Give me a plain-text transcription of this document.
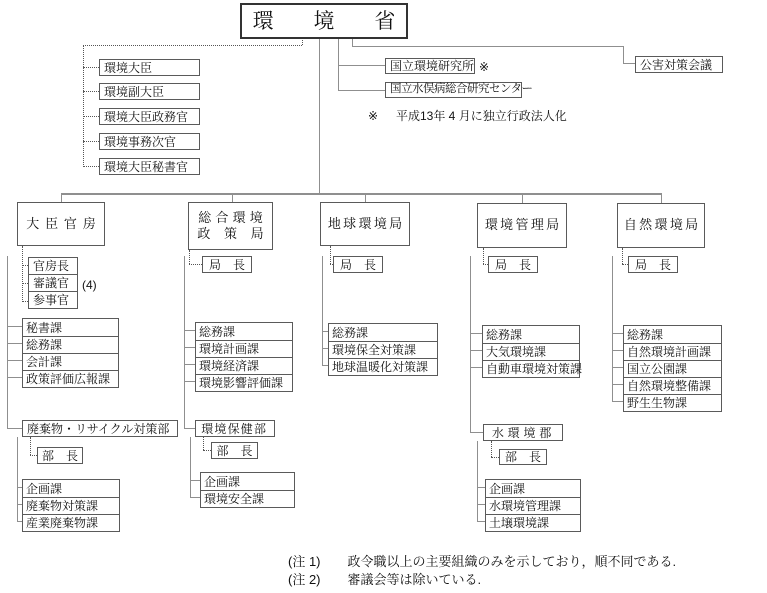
環境省
環境大臣
環境副大臣
環境大臣政務官
環境事務次官
環境大臣秘書官
国立環境研究所 ※
国立水俣病総合研究センター
公害対策会議
※ 平成13年 4 月に独立行政法人化
大臣官房	総合環境
政策局
地球環境局	環境管理局	自然環境局
官房長
審議官
参事官
(4)
秘書課
総務課
会計課
政策評価広報課
廃棄物・リサイクル対策部
部　長
企画課
廃棄物対策課
産業廃棄物課
局　長
総務課
環境計画課
環境経済課
環境影響評価課
環境保健部
部　長
企画課
環境安全課
局　長
総務課
環境保全対策課
地球温暖化対策課
局　長
総務課
大気環境課
自動車環境対策課
水環境郡
部　長
企画課
水環境管理課
土壌環境課
局　長
総務課
自然環境計画課
国立公園課
自然環境整備課
野生生物課
(注 1) 政令職以上の主要組織のみを示しており，順不同である.
(注 2) 審議会等は除いている.
